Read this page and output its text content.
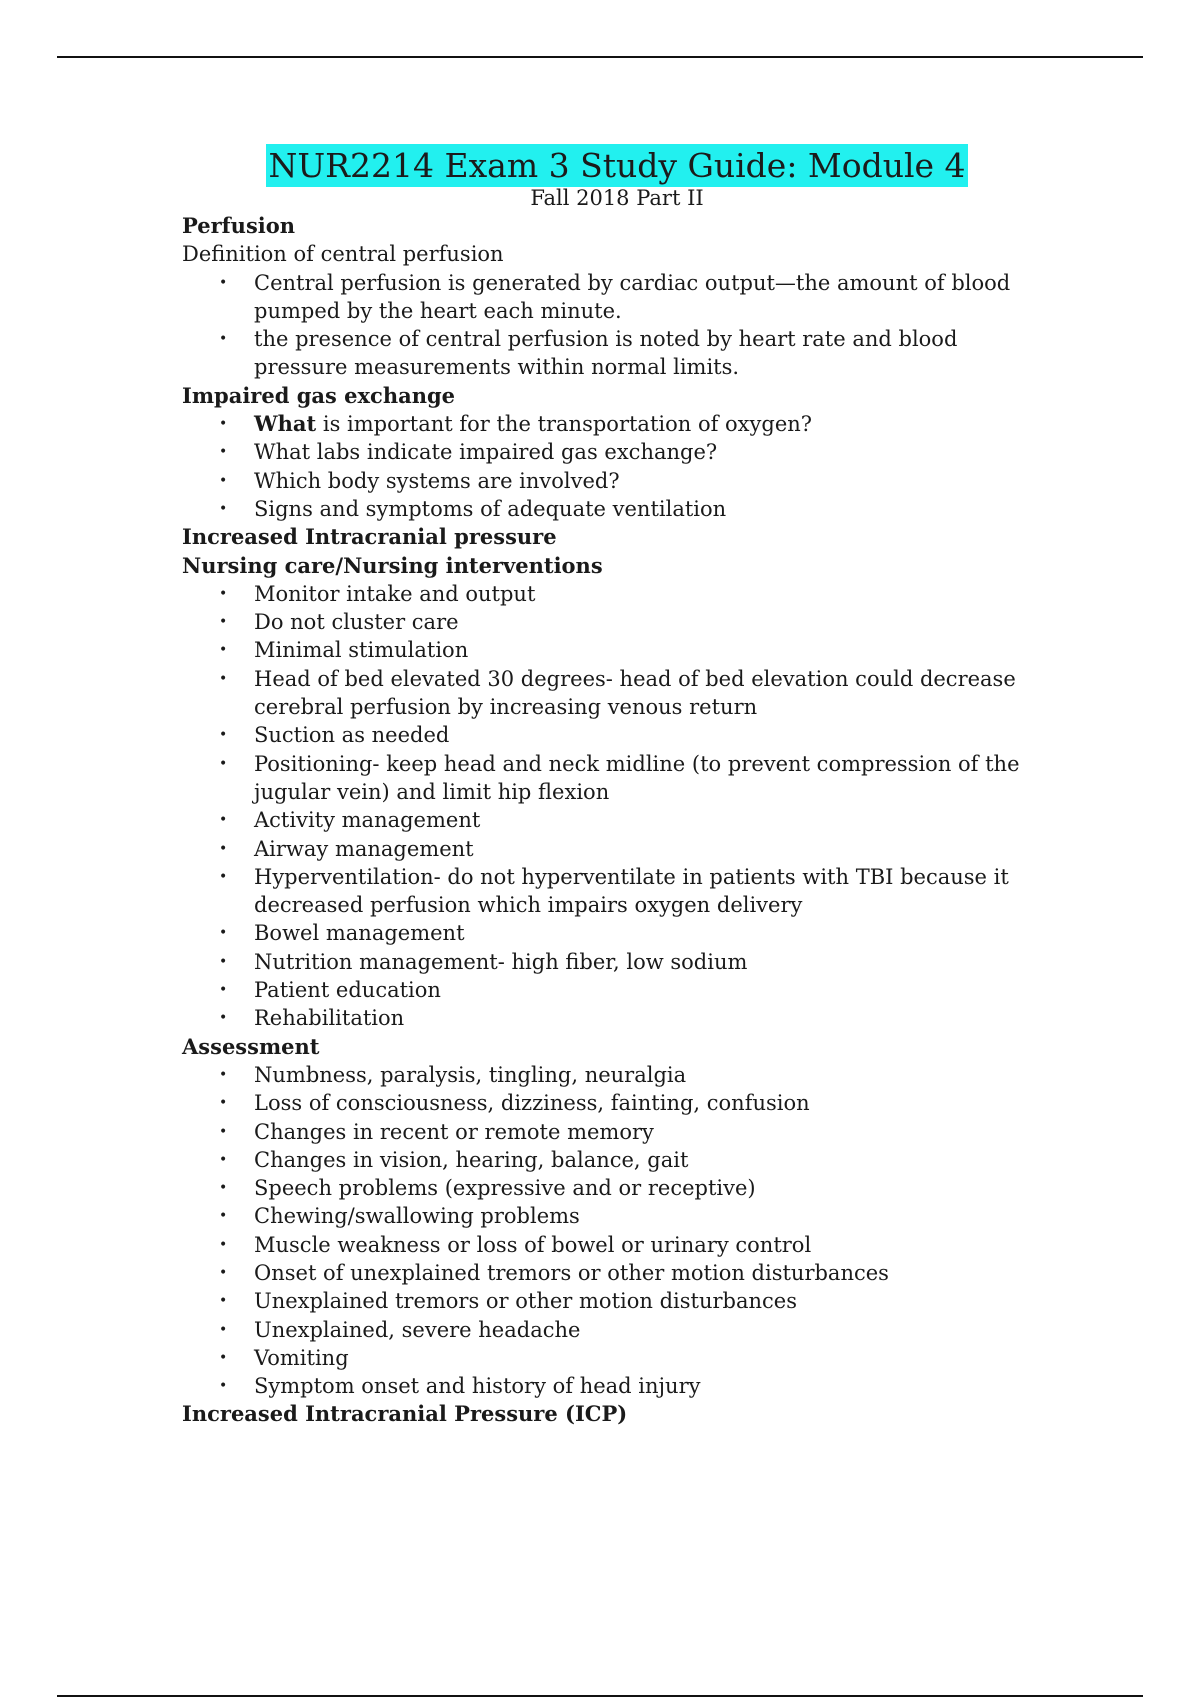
NUR2214 Exam 3 Study Guide: Module 4
Fall 2018 Part II
Perfusion
Definition of central perfusion
• Central perfusion is generated by cardiac output—the amount of blood pumped by the heart each minute.
• the presence of central perfusion is noted by heart rate and blood pressure measurements within normal limits.
Impaired gas exchange
• What is important for the transportation of oxygen?
• What labs indicate impaired gas exchange?
• Which body systems are involved?
• Signs and symptoms of adequate ventilation
Increased Intracranial pressure
Nursing care/Nursing interventions
• Monitor intake and output
• Do not cluster care
• Minimal stimulation
• Head of bed elevated 30 degrees- head of bed elevation could decrease cerebral perfusion by increasing venous return
• Suction as needed
• Positioning- keep head and neck midline (to prevent compression of the jugular vein) and limit hip flexion
• Activity management
• Airway management
• Hyperventilation- do not hyperventilate in patients with TBI because it decreased perfusion which impairs oxygen delivery
• Bowel management
• Nutrition management- high fiber, low sodium
• Patient education
• Rehabilitation
Assessment
• Numbness, paralysis, tingling, neuralgia
• Loss of consciousness, dizziness, fainting, confusion
• Changes in recent or remote memory
• Changes in vision, hearing, balance, gait
• Speech problems (expressive and or receptive)
• Chewing/swallowing problems
• Muscle weakness or loss of bowel or urinary control
• Onset of unexplained tremors or other motion disturbances
• Unexplained tremors or other motion disturbances
• Unexplained, severe headache
• Vomiting
• Symptom onset and history of head injury
Increased Intracranial Pressure (ICP)
